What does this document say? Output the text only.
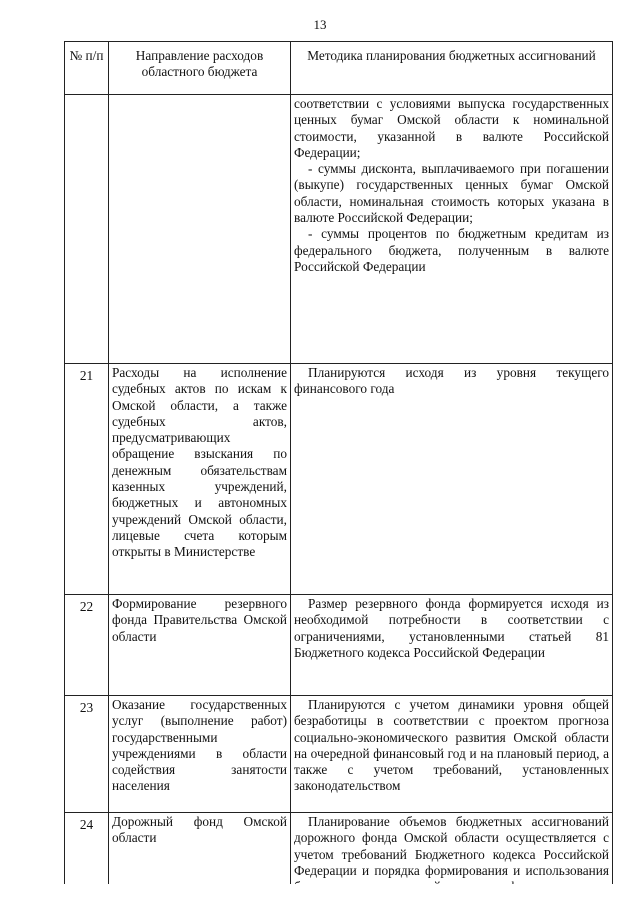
13
№ п/п	Направление расходов областного бюджета	Методика планирования бюджетных ассигнований

		соответствии с условиями выпуска государственных ценных бумаг Омской области к номинальной стоимости, указанной в валюте Российской Федерации;
- суммы дисконта, выплачиваемого при погашении (выкупе) государственных ценных бумаг Омской области, номинальная стоимость которых указана в валюте Российской Федерации;
- суммы процентов по бюджетным кредитам из федерального бюджета, полученным в валюте Российской Федерации

21	Расходы на исполнение судебных актов по искам к Омской области, а также судебных актов, предусматривающих обращение взыскания по денежным обязательствам казенных учреждений, бюджетных и автономных учреждений Омской области, лицевые счета которым открыты в Министерстве	Планируются исходя из уровня текущего финансового года
22	Формирование резервного фонда Правительства Омской области	Размер резервного фонда формируется исходя из необходимой потребности в соответствии с ограничениями, установленными статьей 81 Бюджетного кодекса Российской Федерации
23	Оказание государственных услуг (выполнение работ) государственными учреждениями в области содействия занятости населения	Планируются с учетом динамики уровня общей безработицы в соответствии с проектом прогноза социально-экономического развития Омской области на очередной финансовый год и на плановый период, а также с учетом требований, установленных законодательством
24	Дорожный фонд Омской области	Планирование объемов бюджетных ассигнований дорожного фонда Омской области осуществляется с учетом требований Бюджетного кодекса Российской Федерации и порядка формирования и использования
